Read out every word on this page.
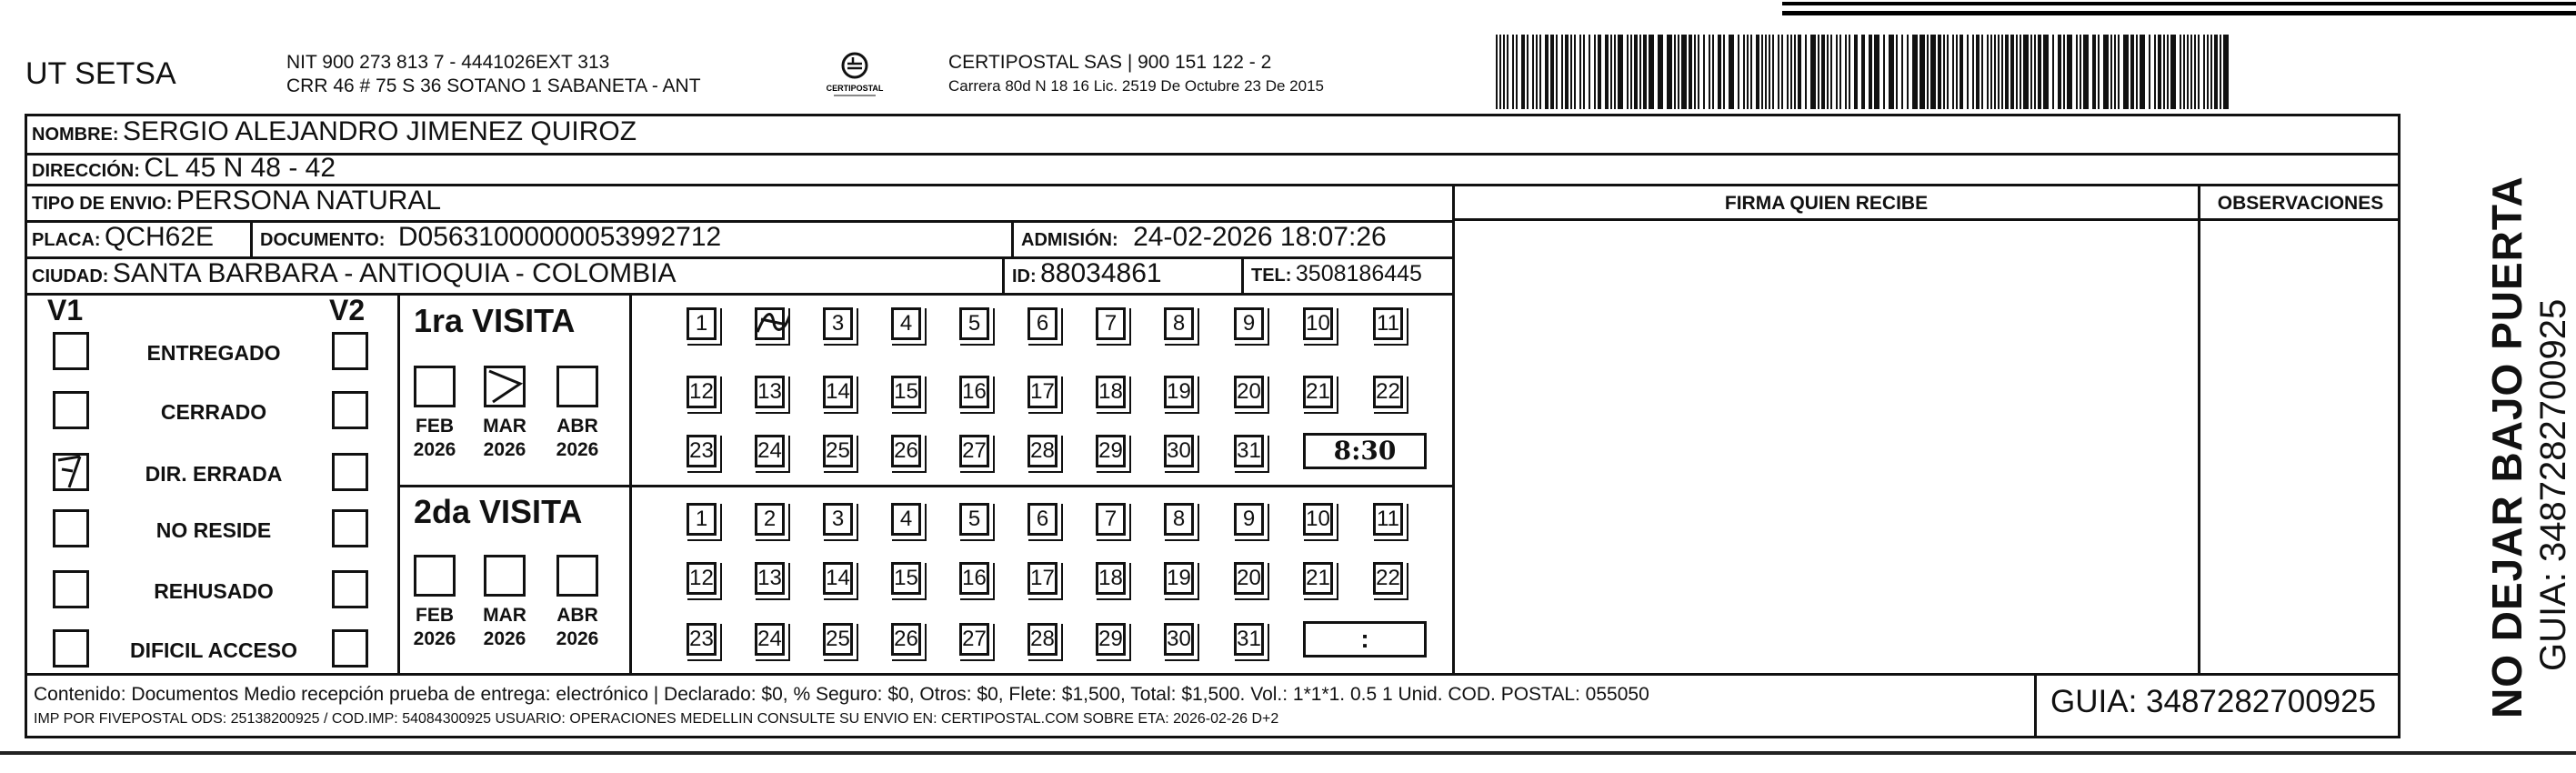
UT SETSA	NIT 900 273 813 7 - 4441026EXT 313
CRR 46 # 75 S 36 SOTANO 1 SABANETA - ANT	CERTIPOSTAL
CERTIPOSTAL SAS | 900 151 122 - 2
Carrera 80d N 18 16 Lic. 2519 De Octubre 23 De 2015
NOMBRE: SERGIO ALEJANDRO JIMENEZ QUIROZ
DIRECCIÓN: CL 45 N 48 - 42
TIPO DE ENVIO: PERSONA NATURAL	FIRMA QUIEN RECIBE	OBSERVACIONES
PLACA: QCH62E	DOCUMENTO: D05631000000053992712	ADMISIÓN: 24-02-2026 18:07:26
CIUDAD: SANTA BARBARA - ANTIOQUIA - COLOMBIA	ID: 88034861	TEL: 3508186445
V1	V2
ENTREGADO
CERRADO
DIR. ERRADA
NO RESIDE
REHUSADO
DIFICIL ACCESO
1ra VISITA
2da VISITA
FEB
2026
MAR
2026
ABR
2026
1	3	4	5	6	7	8	9	10 11
12 13 14 15 16 17 18 19 20 21 22
23 24 25 26 27 28 29 30 31	8:30
FEB
2026
MAR
2026
ABR
2026
1	2	3	4	5	6	7	8	9	10 11
12 13 14 15 16 17 18 19 20 21 22
23 24 25 26 27 28 29 30 31	:
Contenido: Documentos Medio recepción prueba de entrega: electrónico | Declarado: $0, % Seguro: $0, Otros: $0, Flete: $1,500, Total: $1,500. Vol.: 1*1*1. 0.5 1 Unid. COD. POSTAL: 055050
IMP POR FIVEPOSTAL ODS: 25138200925 / COD.IMP: 54084300925 USUARIO: OPERACIONES MEDELLIN CONSULTE SU ENVIO EN: CERTIPOSTAL.COM SOBRE ETA: 2026-02-26 D+2	GUIA: 3487282700925	NO DEJAR BAJO PUERTA GUIA: 3487282700925
